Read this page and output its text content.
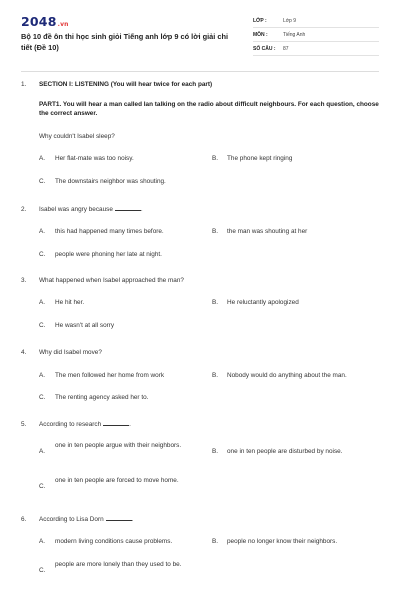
2048.vn
Bộ 10 đề ôn thi học sinh giỏi Tiếng anh lớp 9 có lời giải chi tiết (Đề 10)
LỚP :	Lớp 9
MÔN :	Tiếng Anh
SỐ CÂU : 87
1. SECTION I: LISTENING (You will hear twice for each part)
PART1. You will hear a man called Ian talking on the radio about difficult neighbours. For each question, choose the correct answer.
Why couldn't Isabel sleep?
A. Her flat-mate was too noisy.	B. The phone kept ringing
C. The downstairs neighbor was shouting.
2. Isabel was angry because	.
A. this had happened many times before.	B. the man was shouting at her
C. people were phoning her late at night.
3. What happened when Isabel approached the man?
A. He hit her.	B. He reluctantly apologized
C. He wasn't at all sorry
4. Why did Isabel move?
A. The men followed her home from work	B. Nobody would do anything about the man.
C. The renting agency asked her to.
5. According to research	.
A.
one in ten people argue with their neighbors.
B. one in ten people are disturbed by noise.
C.
one in ten people are forced to move home.
6. According to Lisa Dorn	.
A. modern living conditions cause problems.	B. people no longer know their neighbors.
C.
people are more lonely than they used to be.
